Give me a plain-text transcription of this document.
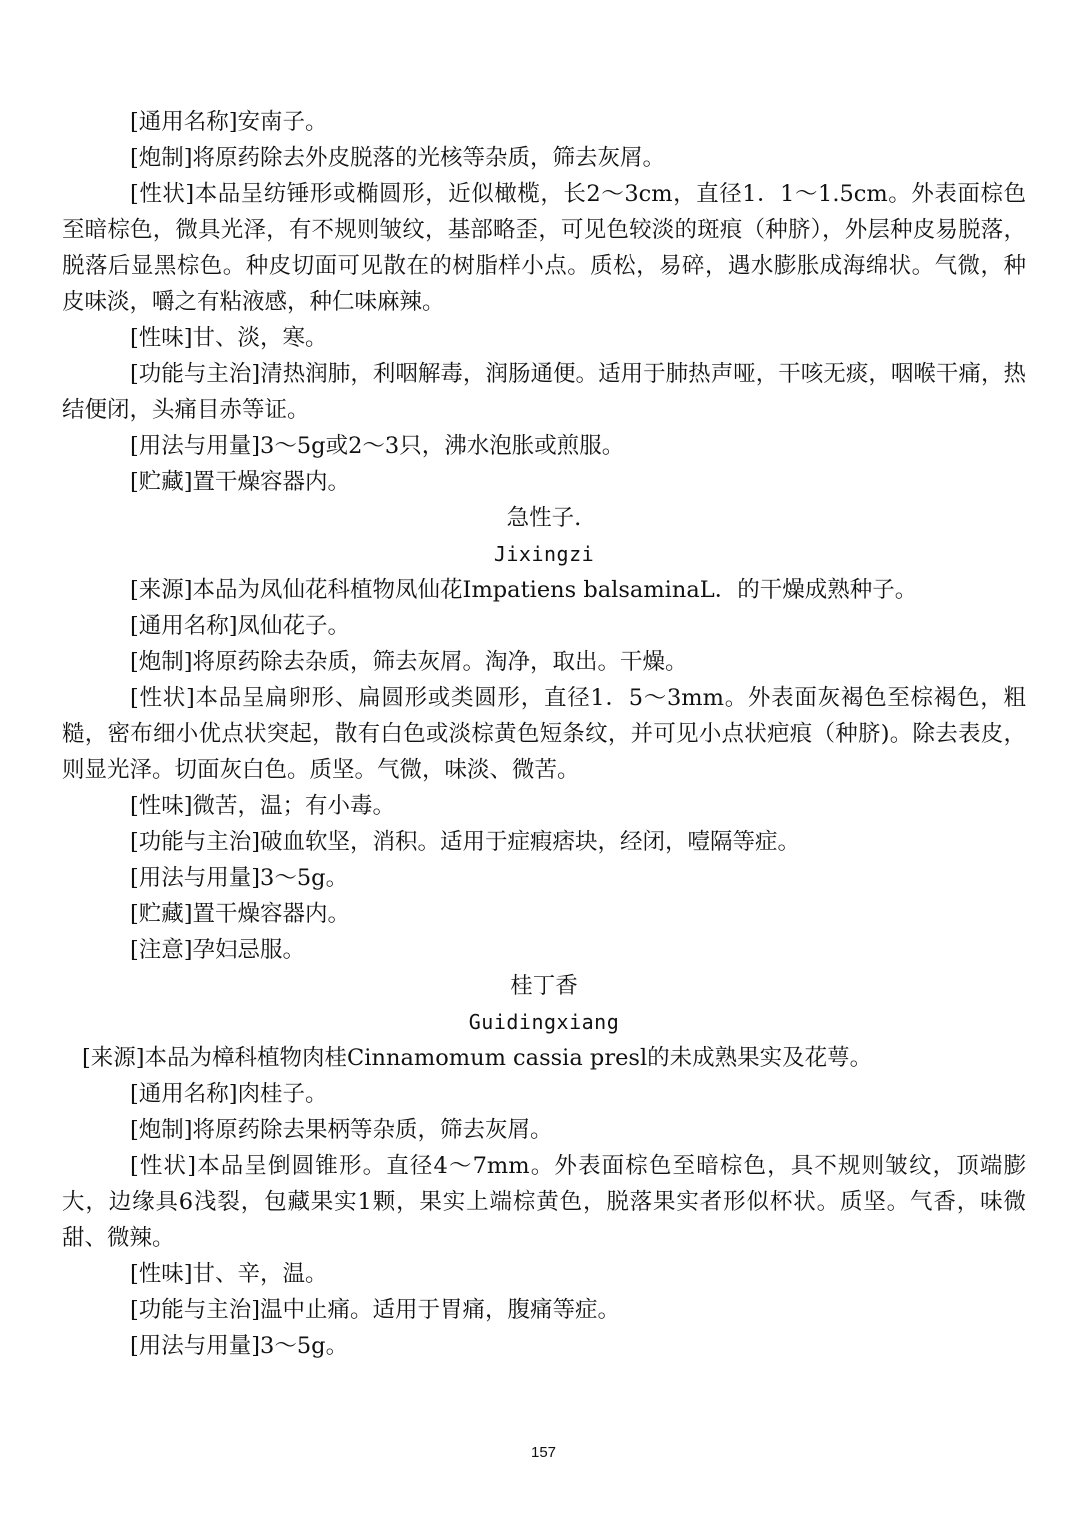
[通用名称]安南子。

[炮制]将原药除去外皮脱落的光核等杂质，筛去灰屑。

[性状]本品呈纺锤形或椭圆形，近似橄榄，长2～3cm，直径1．1～1.5cm。外表面棕色至暗棕色，微具光泽，有不规则皱纹，基部略歪，可见色较淡的斑痕（种脐），外层种皮易脱落，脱落后显黑棕色。种皮切面可见散在的树脂样小点。质松，易碎，遇水膨胀成海绵状。气微，种皮味淡，嚼之有粘液感，种仁味麻辣。

[性味]甘、淡，寒。

[功能与主治]清热润肺，利咽解毒，润肠通便。适用于肺热声哑，干咳无痰，咽喉干痛，热结便闭，头痛目赤等证。

[用法与用量]3～5g或2～3只，沸水泡胀或煎服。

[贮藏]置干燥容器内。

急性子.

Jixingzi

[来源]本品为凤仙花科植物凤仙花Impatiens balsaminaL．的干燥成熟种子。

[通用名称]凤仙花子。

[炮制]将原药除去杂质，筛去灰屑。淘净，取出。干燥。

[性状]本品呈扁卵形、扁圆形或类圆形，直径1．5～3mm。外表面灰褐色至棕褐色，粗糙，密布细小优点状突起，散有白色或淡棕黄色短条纹，并可见小点状疤痕（种脐)。除去表皮，则显光泽。切面灰白色。质坚。气微，味淡、微苦。

[性味]微苦，温；有小毒。

[功能与主治]破血软坚，消积。适用于症瘕痞块，经闭，噎隔等症。

[用法与用量]3～5g。

[贮藏]置干燥容器内。

[注意]孕妇忌服。

桂丁香

Guidingxiang

[来源]本品为樟科植物肉桂Cinnamomum cassia presl的未成熟果实及花萼。

[通用名称]肉桂子。

[炮制]将原药除去果柄等杂质，筛去灰屑。

[性状]本品呈倒圆锥形。直径4～7mm。外表面棕色至暗棕色，具不规则皱纹，顶端膨大，边缘具6浅裂，包藏果实1颗，果实上端棕黄色，脱落果实者形似杯状。质坚。气香，味微甜、微辣。

[性味]甘、辛，温。

[功能与主治]温中止痛。适用于胃痛，腹痛等症。

[用法与用量]3～5g。

157
